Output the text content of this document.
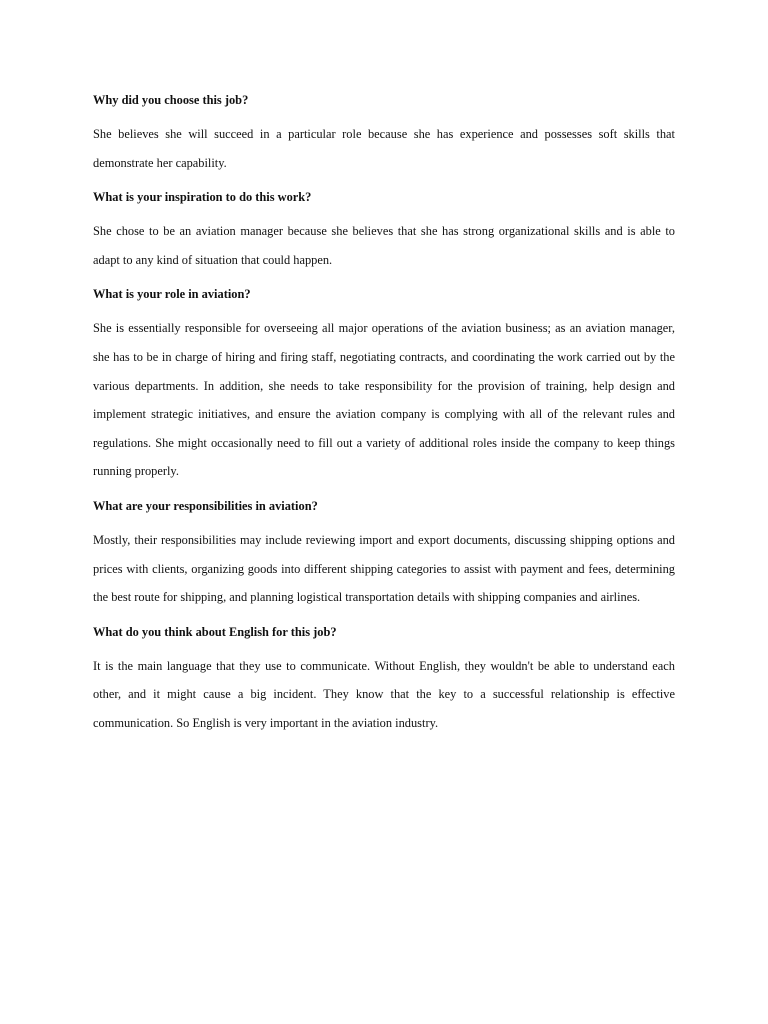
Why did you choose this job?

She believes she will succeed in a particular role because she has experience and possesses soft skills that demonstrate her capability.

What is your inspiration to do this work?

She chose to be an aviation manager because she believes that she has strong organizational skills and is able to adapt to any kind of situation that could happen.

What is your role in aviation?

She is essentially responsible for overseeing all major operations of the aviation business; as an aviation manager, she has to be in charge of hiring and firing staff, negotiating contracts, and coordinating the work carried out by the various departments. In addition, she needs to take responsibility for the provision of training, help design and implement strategic initiatives, and ensure the aviation company is complying with all of the relevant rules and regulations. She might occasionally need to fill out a variety of additional roles inside the company to keep things running properly.

What are your responsibilities in aviation?

Mostly, their responsibilities may include reviewing import and export documents, discussing shipping options and prices with clients, organizing goods into different shipping categories to assist with payment and fees, determining the best route for shipping, and planning logistical transportation details with shipping companies and airlines.

What do you think about English for this job?

It is the main language that they use to communicate. Without English, they wouldn't be able to understand each other, and it might cause a big incident. They know that the key to a successful relationship is effective communication. So English is very important in the aviation industry.
